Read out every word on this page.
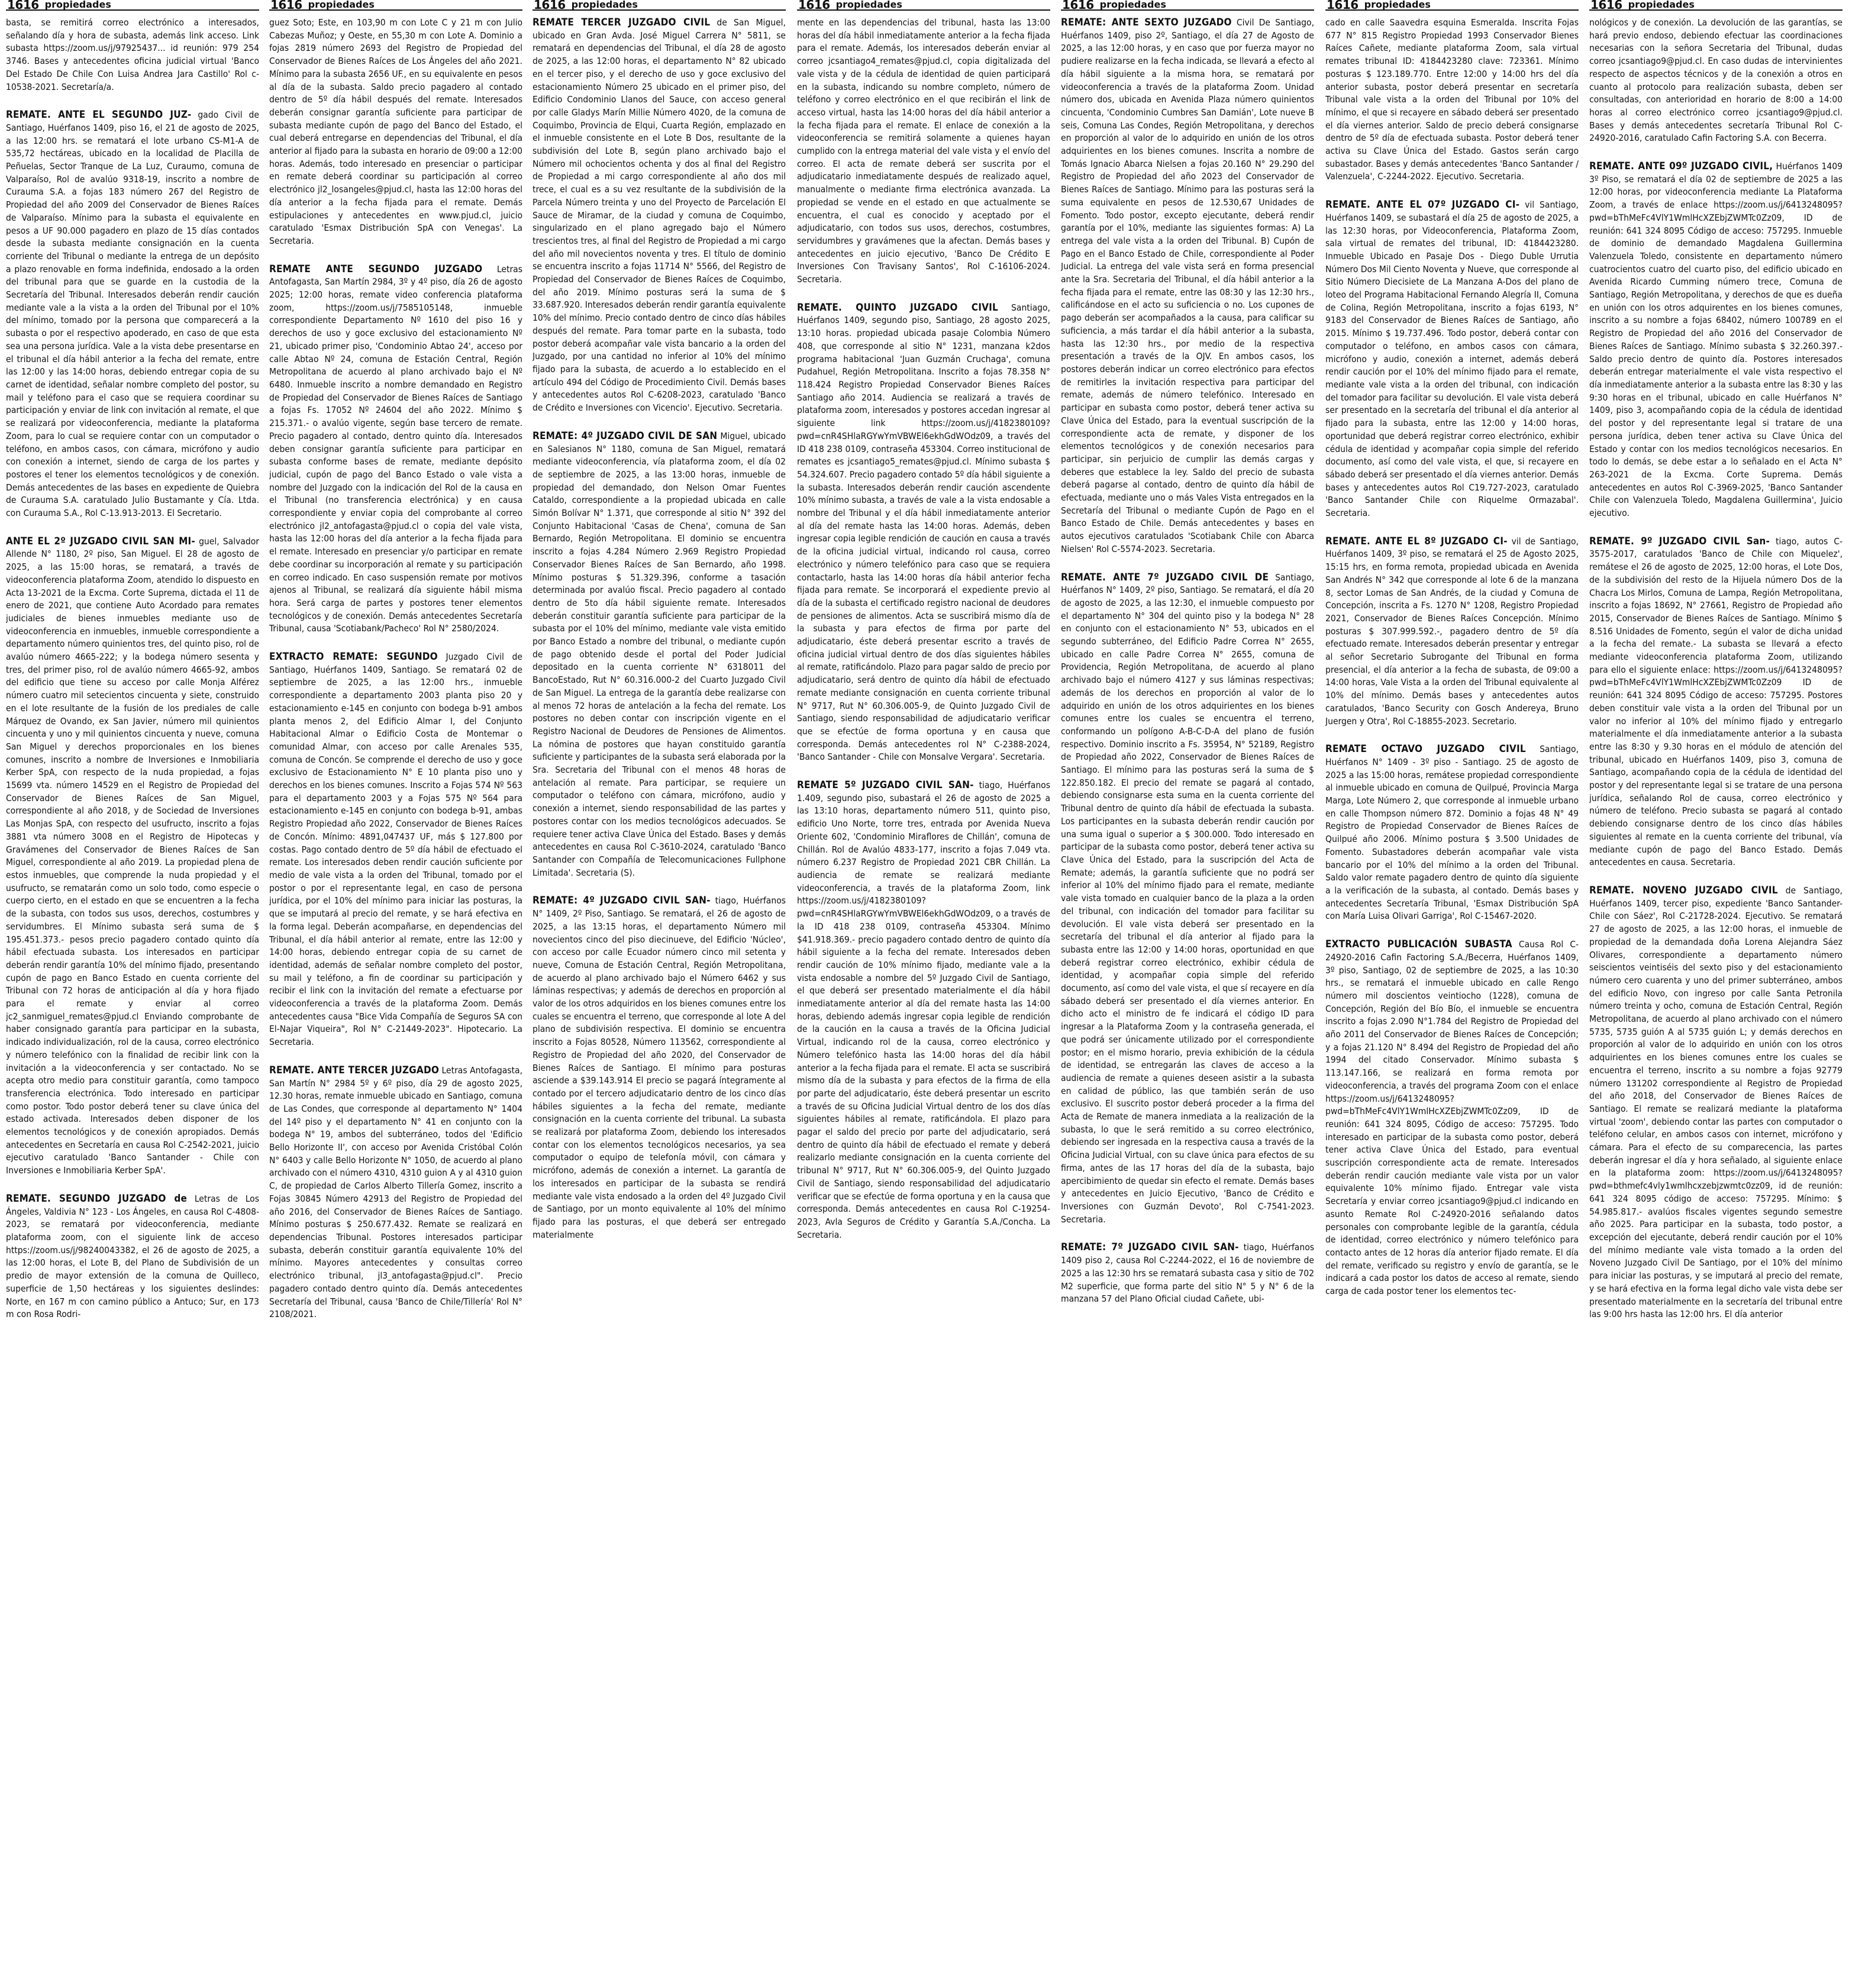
1616 propiedades

basta, se remitirá correo electrónico a interesados, señalando día y hora de subasta, además link acceso. Link subasta https://zoom.us/j/97925437... id reunión: 979 254 3746. Bases y antecedentes oficina judicial virtual 'Banco Del Estado De Chile Con Luisa Andrea Jara Castillo' Rol c-10538-2021. Secretaría/a.

REMATE. ANTE EL SEGUNDO JUZ- gado Civil de Santiago, Huérfanos 1409, piso 16, el 21 de agosto de 2025, a las 12:00 hrs. se rematará el lote urbano CS-M1-A de 535,72 hectáreas, ubicado en la localidad de Placilla de Peñuelas, Sector Tranque de La Luz, Curaumo, comuna de Valparaíso, Rol de avalúo 9318-19, inscrito a nombre de Curauma S.A. a fojas 183 número 267 del Registro de Propiedad del año 2009 del Conservador de Bienes Raíces de Valparaíso. Mínimo para la subasta el equivalente en pesos a UF 90.000 pagadero en plazo de 15 días contados desde la subasta mediante consignación en la cuenta corriente del Tribunal o mediante la entrega de un depósito a plazo renovable en forma indefinida, endosado a la orden del tribunal para que se guarde en la custodia de la Secretaría del Tribunal. Interesados deberán rendir caución mediante vale a la vista a la orden del Tribunal por el 10% del mínimo, tomado por la persona que comparecerá a la subasta o por el respectivo apoderado, en caso de que esta sea una persona jurídica. Vale a la vista debe presentarse en el tribunal el día hábil anterior a la fecha del remate, entre las 12:00 y las 14:00 horas, debiendo entregar copia de su carnet de identidad, señalar nombre completo del postor, su mail y teléfono para el caso que se requiera coordinar su participación y enviar de link con invitación al remate, el que se realizará por videoconferencia, mediante la plataforma Zoom, para lo cual se requiere contar con un computador o teléfono, en ambos casos, con cámara, micrófono y audio con conexión a internet, siendo de carga de los partes y postores el tener los elementos tecnológicos y de conexión. Demás antecedentes de las bases en expediente de Quiebra de Curauma S.A. caratulado Julio Bustamante y Cía. Ltda. con Curauma S.A., Rol C-13.913-2013. El Secretario.

ANTE EL 2º JUZGADO CIVIL SAN MI- guel, Salvador Allende N° 1180, 2º piso, San Miguel. El 28 de agosto de 2025, a las 15:00 horas, se rematará, a través de videoconferencia plataforma Zoom, atendido lo dispuesto en Acta 13-2021 de la Excma. Corte Suprema, dictada el 11 de enero de 2021, que contiene Auto Acordado para remates judiciales de bienes inmuebles mediante uso de videoconferencia en inmuebles, inmueble correspondiente a departamento número quinientos tres, del quinto piso, rol de avalúo número 4665-222; y la bodega número sesenta y tres, del primer piso, rol de avalúo número 4665-92, ambos del edificio que tiene su acceso por calle Monja Alférez número cuatro mil setecientos cincuenta y siete, construido en el lote resultante de la fusión de los prediales de calle Márquez de Ovando, ex San Javier, número mil quinientos cincuenta y uno y mil quinientos cincuenta y nueve, comuna San Miguel y derechos proporcionales en los bienes comunes, inscrito a nombre de Inversiones e Inmobiliaria Kerber SpA, con respecto de la nuda propiedad, a fojas 15699 vta. número 14529 en el Registro de Propiedad del Conservador de Bienes Raíces de San Miguel, correspondiente al año 2018, y de Sociedad de Inversiones Las Monjas SpA, con respecto del usufructo, inscrito a fojas 3881 vta número 3008 en el Registro de Hipotecas y Gravámenes del Conservador de Bienes Raíces de San Miguel, correspondiente al año 2019. La propiedad plena de estos inmuebles, que comprende la nuda propiedad y el usufructo, se rematarán como un solo todo, como especie o cuerpo cierto, en el estado en que se encuentren a la fecha de la subasta, con todos sus usos, derechos, costumbres y servidumbres. El Mínimo subasta será suma de $ 195.451.373.- pesos precio pagadero contado quinto día hábil efectuada subasta. Los interesados en participar deberán rendir garantía 10% del mínimo fijado, presentando cupón de pago en Banco Estado en cuenta corriente del Tribunal con 72 horas de anticipación al día y hora fijado para el remate y enviar al correo jc2_sanmiguel_remates@pjud.cl Enviando comprobante de haber consignado garantía para participar en la subasta, indicado individualización, rol de la causa, correo electrónico y número telefónico con la finalidad de recibir link con la invitación a la videoconferencia y ser contactado. No se acepta otro medio para constituir garantía, como tampoco transferencia electrónica. Todo interesado en participar como postor. Todo postor deberá tener su clave única del estado activada. Interesados deben disponer de los elementos tecnológicos y de conexión apropiados. Demás antecedentes en Secretaría en causa Rol C-2542-2021, juicio ejecutivo caratulado 'Banco Santander - Chile con Inversiones e Inmobiliaria Kerber SpA'.

REMATE. SEGUNDO JUZGADO de Letras de Los Ángeles, Valdivia N° 123 - Los Ángeles, en causa Rol C-4808-2023, se rematará por videoconferencia, mediante plataforma zoom, con el siguiente link de acceso https://zoom.us/j/98240043382, el 26 de agosto de 2025, a las 12:00 horas, el Lote B, del Plano de Subdivisión de un predio de mayor extensión de la comuna de Quilleco, superficie de 1,50 hectáreas y los siguientes deslindes: Norte, en 167 m con camino público a Antuco; Sur, en 173 m con Rosa Rodri-

1616 propiedades

guez Soto; Este, en 103,90 m con Lote C y 21 m con Julio Cabezas Muñoz; y Oeste, en 55,30 m con Lote A. Dominio a fojas 2819 número 2693 del Registro de Propiedad del Conservador de Bienes Raíces de Los Ángeles del año 2021. Mínimo para la subasta 2656 UF., en su equivalente en pesos al día de la subasta. Saldo precio pagadero al contado dentro de 5º día hábil después del remate. Interesados deberán consignar garantía suficiente para participar de subasta mediante cupón de pago del Banco del Estado, el cual deberá entregarse en dependencias del Tribunal, el día anterior al fijado para la subasta en horario de 09:00 a 12:00 horas. Además, todo interesado en presenciar o participar en remate deberá coordinar su participación al correo electrónico jl2_losangeles@pjud.cl, hasta las 12:00 horas del día anterior a la fecha fijada para el remate. Demás estipulaciones y antecedentes en www.pjud.cl, juicio caratulado 'Esmax Distribución SpA con Venegas'. La Secretaria.

REMATE ANTE SEGUNDO JUZGADO Letras Antofagasta, San Martín 2984, 3º y 4º piso, día 26 de agosto 2025; 12:00 horas, remate video conferencia plataforma zoom, https://zoom.us/j/7585105148, inmueble correspondiente Departamento Nº 1610 del piso 16 y derechos de uso y goce exclusivo del estacionamiento Nº 21, ubicado primer piso, 'Condominio Abtao 24', acceso por calle Abtao Nº 24, comuna de Estación Central, Región Metropolitana de acuerdo al plano archivado bajo el Nº 6480. Inmueble inscrito a nombre demandado en Registro de Propiedad del Conservador de Bienes Raíces de Santiago a fojas Fs. 17052 Nº 24604 del año 2022. Mínimo $ 215.371.- o avalúo vigente, según base tercero de remate. Precio pagadero al contado, dentro quinto día. Interesados deben consignar garantía suficiente para participar en subasta conforme bases de remate, mediante depósito judicial, cupón de pago del Banco Estado o vale vista a nombre del Juzgado con la indicación del Rol de la causa en el Tribunal (no transferencia electrónica) y en causa correspondiente y enviar copia del comprobante al correo electrónico jl2_antofagasta@pjud.cl o copia del vale vista, hasta las 12:00 horas del día anterior a la fecha fijada para el remate. Interesado en presenciar y/o participar en remate debe coordinar su incorporación al remate y su participación en correo indicado. En caso suspensión remate por motivos ajenos al Tribunal, se realizará día siguiente hábil misma hora. Será carga de partes y postores tener elementos tecnológicos y de conexión. Demás antecedentes Secretaría Tribunal, causa 'Scotiabank/Pacheco' Rol N° 2580/2024.

EXTRACTO REMATE: SEGUNDO Juzgado Civil de Santiago, Huérfanos 1409, Santiago. Se rematará 02 de septiembre de 2025, a las 12:00 hrs., inmueble correspondiente a departamento 2003 planta piso 20 y estacionamiento e-145 en conjunto con bodega b-91 ambos planta menos 2, del Edificio Almar I, del Conjunto Habitacional Almar o Edificio Costa de Montemar o comunidad Almar, con acceso por calle Arenales 535, comuna de Concón. Se comprende el derecho de uso y goce exclusivo de Estacionamiento N° E 10 planta piso uno y derechos en los bienes comunes. Inscrito a Fojas 574 Nº 563 para el departamento 2003 y a Fojas 575 Nº 564 para estacionamiento e-145 en conjunto con bodega b-91, ambas Registro Propiedad año 2022, Conservador de Bienes Raíces de Concón. Mínimo: 4891,047437 UF, más $ 127.800 por costas. Pago contado dentro de 5º día hábil de efectuado el remate. Los interesados deben rendir caución suficiente por medio de vale vista a la orden del Tribunal, tomado por el postor o por el representante legal, en caso de persona jurídica, por el 10% del mínimo para iniciar las posturas, la que se imputará al precio del remate, y se hará efectiva en la forma legal. Deberán acompañarse, en dependencias del Tribunal, el día hábil anterior al remate, entre las 12:00 y 14:00 horas, debiendo entregar copia de su carnet de identidad, además de señalar nombre completo del postor, su mail y teléfono, a fin de coordinar su participación y recibir el link con la invitación del remate a efectuarse por videoconferencia a través de la plataforma Zoom. Demás antecedentes causa "Bice Vida Compañía de Seguros SA con El-Najar Viqueira", Rol N° C-21449-2023". Hipotecario. La Secretaria.

REMATE. ANTE TERCER JUZGADO Letras Antofagasta, San Martín N° 2984 5º y 6º piso, día 29 de agosto 2025, 12.30 horas, remate inmueble ubicado en Santiago, comuna de Las Condes, que corresponde al departamento N° 1404 del 14º piso y el departamento N° 41 en conjunto con la bodega N° 19, ambos del subterráneo, todos del 'Edificio Bello Horizonte II', con acceso por Avenida Cristóbal Colón N° 6403 y calle Bello Horizonte N° 1050, de acuerdo al plano archivado con el número 4310, 4310 guion A y al 4310 guion C, de propiedad de Carlos Alberto Tillería Gomez, inscrito a Fojas 30845 Número 42913 del Registro de Propiedad del año 2016, del Conservador de Bienes Raíces de Santiago. Mínimo posturas $ 250.677.432. Remate se realizará en dependencias Tribunal. Postores interesados participar subasta, deberán constituir garantía equivalente 10% del mínimo. Mayores antecedentes y consultas correo electrónico tribunal, jl3_antofagasta@pjud.cl". Precio pagadero contado dentro quinto día. Demás antecedentes Secretaría del Tribunal, causa 'Banco de Chile/Tillería' Rol N° 2108/2021.

1616 propiedades

REMATE TERCER JUZGADO CIVIL de San Miguel, ubicado en Gran Avda. José Miguel Carrera N° 5811, se rematará en dependencias del Tribunal, el día 28 de agosto de 2025, a las 12:00 horas, el departamento N° 82 ubicado en el tercer piso, y el derecho de uso y goce exclusivo del estacionamiento Número 25 ubicado en el primer piso, del Edificio Condominio Llanos del Sauce, con acceso general por calle Gladys Marín Millie Número 4020, de la comuna de Coquimbo, Provincia de Elqui, Cuarta Región, emplazado en el inmueble consistente en el Lote B Dos, resultante de la subdivisión del Lote B, según plano archivado bajo el Número mil ochocientos ochenta y dos al final del Registro de Propiedad a mi cargo correspondiente al año dos mil trece, el cual es a su vez resultante de la subdivisión de la Parcela Número treinta y uno del Proyecto de Parcelación El Sauce de Miramar, de la ciudad y comuna de Coquimbo, singularizado en el plano agregado bajo el Número trescientos tres, al final del Registro de Propiedad a mi cargo del año mil novecientos noventa y tres. El título de dominio se encuentra inscrito a fojas 11714 N° 5566, del Registro de Propiedad del Conservador de Bienes Raíces de Coquimbo, del año 2019. Mínimo posturas será la suma de $ 33.687.920. Interesados deberán rendir garantía equivalente 10% del mínimo. Precio contado dentro de cinco días hábiles después del remate. Para tomar parte en la subasta, todo postor deberá acompañar vale vista bancario a la orden del Juzgado, por una cantidad no inferior al 10% del mínimo fijado para la subasta, de acuerdo a lo establecido en el artículo 494 del Código de Procedimiento Civil. Demás bases y antecedentes autos Rol C-6208-2023, caratulado 'Banco de Crédito e Inversiones con Vicencio'. Ejecutivo. Secretaria.

REMATE: 4º JUZGADO CIVIL DE SAN Miguel, ubicado en Salesianos N° 1180, comuna de San Miguel, rematará mediante videoconferencia, vía plataforma zoom, el día 02 de septiembre de 2025, a las 13:00 horas, inmueble de propiedad del demandado, don Nelson Omar Fuentes Cataldo, correspondiente a la propiedad ubicada en calle Simón Bolívar N° 1.371, que corresponde al sitio N° 392 del Conjunto Habitacional 'Casas de Chena', comuna de San Bernardo, Región Metropolitana. El dominio se encuentra inscrito a fojas 4.284 Número 2.969 Registro Propiedad Conservador Bienes Raíces de San Bernardo, año 1998. Mínimo posturas $ 51.329.396, conforme a tasación determinada por avalúo fiscal. Precio pagadero al contado dentro de 5to día hábil siguiente remate. Interesados deberán constituir garantía suficiente para participar de la subasta por el 10% del mínimo, mediante vale vista emitido por Banco Estado a nombre del tribunal, o mediante cupón de pago obtenido desde el portal del Poder Judicial depositado en la cuenta corriente N° 6318011 del BancoEstado, Rut N° 60.316.000-2 del Cuarto Juzgado Civil de San Miguel. La entrega de la garantía debe realizarse con al menos 72 horas de antelación a la fecha del remate. Los postores no deben contar con inscripción vigente en el Registro Nacional de Deudores de Pensiones de Alimentos. La nómina de postores que hayan constituido garantía suficiente y participantes de la subasta será elaborada por la Sra. Secretaria del Tribunal con el menos 48 horas de antelación al remate. Para participar, se requiere un computador o teléfono con cámara, micrófono, audio y conexión a internet, siendo responsabilidad de las partes y postores contar con los medios tecnológicos adecuados. Se requiere tener activa Clave Única del Estado. Bases y demás antecedentes en causa Rol C-3610-2024, caratulado 'Banco Santander con Compañía de Telecomunicaciones Fullphone Limitada'. Secretaria (S).

REMATE: 4º JUZGADO CIVIL SAN- tiago, Huérfanos N° 1409, 2º Piso, Santiago. Se rematará, el 26 de agosto de 2025, a las 13:15 horas, el departamento Número mil novecientos cinco del piso diecinueve, del Edificio 'Núcleo', con acceso por calle Ecuador número cinco mil setenta y nueve, Comuna de Estación Central, Región Metropolitana, de acuerdo al plano archivado bajo el Número 6462 y sus láminas respectivas; y además de derechos en proporción al valor de los otros adquiridos en los bienes comunes entre los cuales se encuentra el terreno, que corresponde al lote A del plano de subdivisión respectiva. El dominio se encuentra inscrito a Fojas 80528, Número 113562, correspondiente al Registro de Propiedad del año 2020, del Conservador de Bienes Raíces de Santiago. El mínimo para posturas asciende a $39.143.914 El precio se pagará íntegramente al contado por el tercero adjudicatario dentro de los cinco días hábiles siguientes a la fecha del remate, mediante consignación en la cuenta corriente del tribunal. La subasta se realizará por plataforma Zoom, debiendo los interesados contar con los elementos tecnológicos necesarios, ya sea computador o equipo de telefonía móvil, con cámara y micrófono, además de conexión a internet. La garantía de los interesados en participar de la subasta se rendirá mediante vale vista endosado a la orden del 4º Juzgado Civil de Santiago, por un monto equivalente al 10% del mínimo fijado para las posturas, el que deberá ser entregado materialmente

1616 propiedades

mente en las dependencias del tribunal, hasta las 13:00 horas del día hábil inmediatamente anterior a la fecha fijada para el remate. Además, los interesados deberán enviar al correo jcsantiago4_remates@pjud.cl, copia digitalizada del vale vista y de la cédula de identidad de quien participará en la subasta, indicando su nombre completo, número de teléfono y correo electrónico en el que recibirán el link de acceso virtual, hasta las 14:00 horas del día hábil anterior a la fecha fijada para el remate. El enlace de conexión a la videoconferencia se remitirá solamente a quienes hayan cumplido con la entrega material del vale vista y el envío del correo. El acta de remate deberá ser suscrita por el adjudicatario inmediatamente después de realizado aquel, manualmente o mediante firma electrónica avanzada. La propiedad se vende en el estado en que actualmente se encuentra, el cual es conocido y aceptado por el adjudicatario, con todos sus usos, derechos, costumbres, servidumbres y gravámenes que la afectan. Demás bases y antecedentes en juicio ejecutivo, 'Banco De Crédito E Inversiones Con Travisany Santos', Rol C-16106-2024. Secretaria.

REMATE. QUINTO JUZGADO CIVIL Santiago, Huérfanos 1409, segundo piso, Santiago, 28 agosto 2025, 13:10 horas. propiedad ubicada pasaje Colombia Número 408, que corresponde al sitio N° 1231, manzana k2dos programa habitacional 'Juan Guzmán Cruchaga', comuna Pudahuel, Región Metropolitana. Inscrito a fojas 78.358 N° 118.424 Registro Propiedad Conservador Bienes Raíces Santiago año 2014. Audiencia se realizará a través de plataforma zoom, interesados y postores accedan ingresar al siguiente link https://zoom.us/j/4182380109?pwd=cnR4SHlaRGYwYmVBWEl6ekhGdWOdz09, a través del ID 418 238 0109, contraseña 453304. Correo institucional de remates es jcsantiago5_remates@pjud.cl. Mínimo subasta $ 54.324.607. Precio pagadero contado 5º día hábil siguiente a la subasta. Interesados deberán rendir caución ascendente 10% mínimo subasta, a través de vale a la vista endosable a nombre del Tribunal y el día hábil inmediatamente anterior al día del remate hasta las 14:00 horas. Además, deben ingresar copia legible rendición de caución en causa a través de la oficina judicial virtual, indicando rol causa, correo electrónico y número telefónico para caso que se requiera contactarlo, hasta las 14:00 horas día hábil anterior fecha fijada para remate. Se incorporará el expediente previo al día de la subasta el certificado registro nacional de deudores de pensiones de alimentos. Acta se suscribirá mismo día de la subasta y para efectos de firma por parte del adjudicatario, éste deberá presentar escrito a través de oficina judicial virtual dentro de dos días siguientes hábiles al remate, ratificándolo. Plazo para pagar saldo de precio por adjudicatario, será dentro de quinto día hábil de efectuado remate mediante consignación en cuenta corriente tribunal N° 9717, Rut N° 60.306.005-9, de Quinto Juzgado Civil de Santiago, siendo responsabilidad de adjudicatario verificar que se efectúe de forma oportuna y en causa que corresponda. Demás antecedentes rol N° C-2388-2024, 'Banco Santander - Chile con Monsalve Vergara'. Secretaria.

REMATE 5º JUZGADO CIVIL SAN- tiago, Huérfanos 1.409, segundo piso, subastará el 26 de agosto de 2025 a las 13:10 horas, departamento número 511, quinto piso, edificio Uno Norte, torre tres, entrada por Avenida Nueva Oriente 602, 'Condominio Miraflores de Chillán', comuna de Chillán. Rol de Avalúo 4833-177, inscrito a fojas 7.049 vta. número 6.237 Registro de Propiedad 2021 CBR Chillán. La audiencia de remate se realizará mediante videoconferencia, a través de la plataforma Zoom, link https://zoom.us/j/4182380109?pwd=cnR4SHlaRGYwYmVBWEl6ekhGdWOdz09, o a través de la ID 418 238 0109, contraseña 453304. Mínimo $41.918.369.- precio pagadero contado dentro de quinto día hábil siguiente a la fecha del remate. Interesados deben rendir caución de 10% mínimo fijado, mediante vale a la vista endosable a nombre del 5º Juzgado Civil de Santiago, el que deberá ser presentado materialmente el día hábil inmediatamente anterior al día del remate hasta las 14:00 horas, debiendo además ingresar copia legible de rendición de la caución en la causa a través de la Oficina Judicial Virtual, indicando rol de la causa, correo electrónico y Número telefónico hasta las 14:00 horas del día hábil anterior a la fecha fijada para el remate. El acta se suscribirá mismo día de la subasta y para efectos de la firma de ella por parte del adjudicatario, éste deberá presentar un escrito a través de su Oficina Judicial Virtual dentro de los dos días siguientes hábiles al remate, ratificándola. El plazo para pagar el saldo del precio por parte del adjudicatario, será dentro de quinto día hábil de efectuado el remate y deberá realizarlo mediante consignación en la cuenta corriente del tribunal N° 9717, Rut N° 60.306.005-9, del Quinto Juzgado Civil de Santiago, siendo responsabilidad del adjudicatario verificar que se efectúe de forma oportuna y en la causa que corresponda. Demás antecedentes en causa Rol C-19254-2023, Avla Seguros de Crédito y Garantía S.A./Concha. La Secretaria.

1616 propiedades

REMATE: ANTE SEXTO JUZGADO Civil De Santiago, Huérfanos 1409, piso 2º, Santiago, el día 27 de Agosto de 2025, a las 12:00 horas, y en caso que por fuerza mayor no pudiere realizarse en la fecha indicada, se llevará a efecto al día hábil siguiente a la misma hora, se rematará por videoconferencia a través de la plataforma Zoom. Unidad número dos, ubicada en Avenida Plaza número quinientos cincuenta, 'Condominio Cumbres San Damián', Lote nueve B seis, Comuna Las Condes, Región Metropolitana, y derechos en proporción al valor de lo adquirido en unión de los otros adquirientes en los bienes comunes. Inscrita a nombre de Tomás Ignacio Abarca Nielsen a fojas 20.160 N° 29.290 del Registro de Propiedad del año 2023 del Conservador de Bienes Raíces de Santiago. Mínimo para las posturas será la suma equivalente en pesos de 12.530,67 Unidades de Fomento. Todo postor, excepto ejecutante, deberá rendir garantía por el 10%, mediante las siguientes formas: A) La entrega del vale vista a la orden del Tribunal. B) Cupón de Pago en el Banco Estado de Chile, correspondiente al Poder Judicial. La entrega del vale vista será en forma presencial ante la Sra. Secretaria del Tribunal, el día hábil anterior a la fecha fijada para el remate, entre las 08:30 y las 12:30 hrs., calificándose en el acto su suficiencia o no. Los cupones de pago deberán ser acompañados a la causa, para calificar su suficiencia, a más tardar el día hábil anterior a la subasta, hasta las 12:30 hrs., por medio de la respectiva presentación a través de la OJV. En ambos casos, los postores deberán indicar un correo electrónico para efectos de remitirles la invitación respectiva para participar del remate, además de número telefónico. Interesado en participar en subasta como postor, deberá tener activa su Clave Única del Estado, para la eventual suscripción de la correspondiente acta de remate, y disponer de los elementos tecnológicos y de conexión necesarios para participar, sin perjuicio de cumplir las demás cargas y deberes que establece la ley. Saldo del precio de subasta deberá pagarse al contado, dentro de quinto día hábil de efectuada, mediante uno o más Vales Vista entregados en la Secretaría del Tribunal o mediante Cupón de Pago en el Banco Estado de Chile. Demás antecedentes y bases en autos ejecutivos caratulados 'Scotiabank Chile con Abarca Nielsen' Rol C-5574-2023. Secretaria.

REMATE. ANTE 7º JUZGADO CIVIL DE Santiago, Huérfanos N° 1409, 2º piso, Santiago. Se rematará, el día 20 de agosto de 2025, a las 12:30, el inmueble compuesto por el departamento N° 304 del quinto piso y la bodega N° 28 en conjunto con el estacionamiento N° 53, ubicados en el segundo subterráneo, del Edificio Padre Correa N° 2655, ubicado en calle Padre Correa N° 2655, comuna de Providencia, Región Metropolitana, de acuerdo al plano archivado bajo el número 4127 y sus láminas respectivas; además de los derechos en proporción al valor de lo adquirido en unión de los otros adquirientes en los bienes comunes entre los cuales se encuentra el terreno, conformando un polígono A-B-C-D-A del plano de fusión respectivo. Dominio inscrito a Fs. 35954, N° 52189, Registro de Propiedad año 2022, Conservador de Bienes Raíces de Santiago. El mínimo para las posturas será la suma de $ 122.850.182. El precio del remate se pagará al contado, debiendo consignarse esta suma en la cuenta corriente del Tribunal dentro de quinto día hábil de efectuada la subasta. Los participantes en la subasta deberán rendir caución por una suma igual o superior a $ 300.000. Todo interesado en participar de la subasta como postor, deberá tener activa su Clave Única del Estado, para la suscripción del Acta de Remate; además, la garantía suficiente que no podrá ser inferior al 10% del mínimo fijado para el remate, mediante vale vista tomado en cualquier banco de la plaza a la orden del tribunal, con indicación del tomador para facilitar su devolución. El vale vista deberá ser presentado en la secretaría del tribunal el día anterior al fijado para la subasta entre las 12:00 y 14:00 horas, oportunidad en que deberá registrar correo electrónico, exhibir cédula de identidad, y acompañar copia simple del referido documento, así como del vale vista, el que sí recayere en día sábado deberá ser presentado el día viernes anterior. En dicho acto el ministro de fe indicará el código ID para ingresar a la Plataforma Zoom y la contraseña generada, el que podrá ser únicamente utilizado por el correspondiente postor; en el mismo horario, previa exhibición de la cédula de identidad, se entregarán las claves de acceso a la audiencia de remate a quienes deseen asistir a la subasta en calidad de público, las que también serán de uso exclusivo. El suscrito postor deberá proceder a la firma del Acta de Remate de manera inmediata a la realización de la subasta, lo que le será remitido a su correo electrónico, debiendo ser ingresada en la respectiva causa a través de la Oficina Judicial Virtual, con su clave única para efectos de su firma, antes de las 17 horas del día de la subasta, bajo apercibimiento de quedar sin efecto el remate. Demás bases y antecedentes en Juicio Ejecutivo, 'Banco de Crédito e Inversiones con Guzmán Devoto', Rol C-7541-2023. Secretaria.

REMATE: 7º JUZGADO CIVIL SAN- tiago, Huérfanos 1409 piso 2, causa Rol C-2244-2022, el 16 de noviembre de 2025 a las 12:30 hrs se rematará subasta casa y sitio de 702 M2 superficie, que forma parte del sitio N° 5 y N° 6 de la manzana 57 del Plano Oficial ciudad Cañete, ubi-

1616 propiedades

cado en calle Saavedra esquina Esmeralda. Inscrita Fojas 677 N° 815 Registro Propiedad 1993 Conservador Bienes Raíces Cañete, mediante plataforma Zoom, sala virtual remates tribunal ID: 4184423280 clave: 723361. Mínimo posturas $ 123.189.770. Entre 12:00 y 14:00 hrs del día anterior subasta, postor deberá presentar en secretaría Tribunal vale vista a la orden del Tribunal por 10% del mínimo, el que si recayere en sábado deberá ser presentado el día viernes anterior. Saldo de precio deberá consignarse dentro de 5º día de efectuada subasta. Postor deberá tener activa su Clave Única del Estado. Gastos serán cargo subastador. Bases y demás antecedentes 'Banco Santander / Valenzuela', C-2244-2022. Ejecutivo. Secretaria.

REMATE. ANTE EL 07º JUZGADO CI- vil Santiago, Huérfanos 1409, se subastará el día 25 de agosto de 2025, a las 12:30 horas, por Videoconferencia, Plataforma Zoom, sala virtual de remates del tribunal, ID: 4184423280. Inmueble Ubicado en Pasaje Dos - Diego Duble Urrutia Número Dos Mil Ciento Noventa y Nueve, que corresponde al Sitio Número Diecisiete de La Manzana A-Dos del plano de loteo del Programa Habitacional Fernando Alegría II, Comuna de Colina, Región Metropolitana, inscrito a fojas 6193, N° 9183 del Conservador de Bienes Raíces de Santiago, año 2015. Mínimo $ 19.737.496. Todo postor, deberá contar con computador o teléfono, en ambos casos con cámara, micrófono y audio, conexión a internet, además deberá rendir caución por el 10% del mínimo fijado para el remate, mediante vale vista a la orden del tribunal, con indicación del tomador para facilitar su devolución. El vale vista deberá ser presentado en la secretaría del tribunal el día anterior al fijado para la subasta, entre las 12:00 y 14:00 horas, oportunidad que deberá registrar correo electrónico, exhibir cédula de identidad y acompañar copia simple del referido documento, así como del vale vista, el que, si recayere en sábado deberá ser presentado el día viernes anterior. Demás bases y antecedentes autos Rol C19.727-2023, caratulado 'Banco Santander Chile con Riquelme Ormazabal'. Secretaria.

REMATE. ANTE EL 8º JUZGADO CI- vil de Santiago, Huérfanos 1409, 3º piso, se rematará el 25 de Agosto 2025, 15:15 hrs, en forma remota, propiedad ubicada en Avenida San Andrés N° 342 que corresponde al lote 6 de la manzana 8, sector Lomas de San Andrés, de la ciudad y Comuna de Concepción, inscrita a Fs. 1270 N° 1208, Registro Propiedad 2021, Conservador de Bienes Raíces Concepción. Mínimo posturas $ 307.999.592.-, pagadero dentro de 5º día efectuado remate. Interesados deberán presentar y entregar al señor Secretario Subrogante del Tribunal en forma presencial, el día anterior a la fecha de subasta, de 09:00 a 14:00 horas, Vale Vista a la orden del Tribunal equivalente al 10% del mínimo. Demás bases y antecedentes autos caratulados, 'Banco Security con Gosch Andereya, Bruno Juergen y Otra', Rol C-18855-2023. Secretario.

REMATE OCTAVO JUZGADO CIVIL Santiago, Huérfanos N° 1409 - 3º piso - Santiago. 25 de agosto de 2025 a las 15:00 horas, remátese propiedad correspondiente al inmueble ubicado en comuna de Quilpué, Provincia Marga Marga, Lote Número 2, que corresponde al inmueble urbano en calle Thompson número 872. Dominio a fojas 48 N° 49 Registro de Propiedad Conservador de Bienes Raíces de Quilpué año 2006. Mínimo postura $ 3.500 Unidades de Fomento. Subastadores deberán acompañar vale vista bancario por el 10% del mínimo a la orden del Tribunal. Saldo valor remate pagadero dentro de quinto día siguiente a la verificación de la subasta, al contado. Demás bases y antecedentes Secretaría Tribunal, 'Esmax Distribución SpA con María Luisa Olivari Garriga', Rol C-15467-2020.

EXTRACTO PUBLICACIÓN SUBASTA Causa Rol C-24920-2016 Cafin Factoring S.A./Becerra, Huérfanos 1409, 3º piso, Santiago, 02 de septiembre de 2025, a las 10:30 hrs., se rematará el inmueble ubicado en calle Rengo número mil doscientos veintiocho (1228), comuna de Concepción, Región del Bío Bío, el inmueble se encuentra inscrito a fojas 2.090 N°1.784 del Registro de Propiedad del año 2011 del Conservador de Bienes Raíces de Concepción; y a fojas 21.120 N° 8.494 del Registro de Propiedad del año 1994 del citado Conservador. Mínimo subasta $ 113.147.166, se realizará en forma remota por videoconferencia, a través del programa Zoom con el enlace https://zoom.us/j/6413248095?pwd=bThMeFc4VlY1WmlHcXZEbjZWMTc0Zz09, ID de reunión: 641 324 8095, Código de acceso: 757295. Todo interesado en participar de la subasta como postor, deberá tener activa Clave Única del Estado, para eventual suscripción correspondiente acta de remate. Interesados deberán rendir caución mediante vale vista por un valor equivalente 10% mínimo fijado. Entregar vale vista Secretaría y enviar correo jcsantiago9@pjud.cl indicando en asunto Remate Rol C-24920-2016 señalando datos personales con comprobante legible de la garantía, cédula de identidad, correo electrónico y número telefónico para contacto antes de 12 horas día anterior fijado remate. El día del remate, verificado su registro y envío de garantía, se le indicará a cada postor los datos de acceso al remate, siendo carga de cada postor tener los elementos tec-

1616 propiedades

nológicos y de conexión. La devolución de las garantías, se hará previo endoso, debiendo efectuar las coordinaciones necesarias con la señora Secretaria del Tribunal, dudas correo jcsantiago9@pjud.cl. En caso dudas de intervinientes respecto de aspectos técnicos y de la conexión a otros en cuanto al protocolo para realización subasta, deben ser consultadas, con anterioridad en horario de 8:00 a 14:00 horas al correo electrónico correo jcsantiago9@pjud.cl. Bases y demás antecedentes secretaría Tribunal Rol C-24920-2016, caratulado Cafin Factoring S.A. con Becerra.

REMATE. ANTE 09º JUZGADO CIVIL, Huérfanos 1409 3º Piso, se rematará el día 02 de septiembre de 2025 a las 12:00 horas, por videoconferencia mediante La Plataforma Zoom, a través de enlace https://zoom.us/j/6413248095?pwd=bThMeFc4VlY1WmlHcXZEbjZWMTc0Zz09, ID de reunión: 641 324 8095 Código de acceso: 757295. Inmueble de dominio de demandado Magdalena Guillermina Valenzuela Toledo, consistente en departamento número cuatrocientos cuatro del cuarto piso, del edificio ubicado en Avenida Ricardo Cumming número trece, Comuna de Santiago, Región Metropolitana, y derechos de que es dueña en unión con los otros adquirentes en los bienes comunes, inscrito a su nombre a fojas 68402, número 100789 en el Registro de Propiedad del año 2016 del Conservador de Bienes Raíces de Santiago. Mínimo subasta $ 32.260.397.- Saldo precio dentro de quinto día. Postores interesados deberán entregar materialmente el vale vista respectivo el día inmediatamente anterior a la subasta entre las 8:30 y las 9:30 horas en el tribunal, ubicado en calle Huérfanos N° 1409, piso 3, acompañando copia de la cédula de identidad del postor y del representante legal si tratare de una persona jurídica, deben tener activa su Clave Única del Estado y contar con los medios tecnológicos necesarios. En todo lo demás, se debe estar a lo señalado en el Acta N° 263-2021 de la Excma. Corte Suprema. Demás antecedentes en autos Rol C-3969-2025, 'Banco Santander Chile con Valenzuela Toledo, Magdalena Guillermina', Juicio ejecutivo.

REMATE. 9º JUZGADO CIVIL San- tiago, autos C-3575-2017, caratulados 'Banco de Chile con Miquelez', remátese el 26 de agosto de 2025, 12:00 horas, el Lote Dos, de la subdivisión del resto de la Hijuela número Dos de la Chacra Los Mirlos, Comuna de Lampa, Región Metropolitana, inscrito a fojas 18692, N° 27661, Registro de Propiedad año 2015, Conservador de Bienes Raíces de Santiago. Mínimo $ 8.516 Unidades de Fomento, según el valor de dicha unidad a la fecha del remate.- La subasta se llevará a efecto mediante videoconferencia plataforma Zoom, utilizando para ello el siguiente enlace: https://zoom.us/j/6413248095?pwd=bThMeFc4VlY1WmlHcXZEbjZWMTc0Zz09 ID de reunión: 641 324 8095 Código de acceso: 757295. Postores deben constituir vale vista a la orden del Tribunal por un valor no inferior al 10% del mínimo fijado y entregarlo materialmente el día inmediatamente anterior a la subasta entre las 8:30 y 9.30 horas en el módulo de atención del tribunal, ubicado en Huérfanos 1409, piso 3, comuna de Santiago, acompañando copia de la cédula de identidad del postor y del representante legal si se tratare de una persona jurídica, señalando Rol de causa, correo electrónico y número de teléfono. Precio subasta se pagará al contado debiendo consignarse dentro de los cinco días hábiles siguientes al remate en la cuenta corriente del tribunal, vía mediante cupón de pago del Banco Estado. Demás antecedentes en causa. Secretaria.

REMATE. NOVENO JUZGADO CIVIL de Santiago, Huérfanos 1409, tercer piso, expediente 'Banco Santander-Chile con Sáez', Rol C-21728-2024. Ejecutivo. Se rematará 27 de agosto de 2025, a las 12:00 horas, el inmueble de propiedad de la demandada doña Lorena Alejandra Sáez Olivares, correspondiente a departamento número seiscientos veintiséis del sexto piso y del estacionamiento número cero cuarenta y uno del primer subterráneo, ambos del edificio Novo, con ingreso por calle Santa Petronila número treinta y ocho, comuna de Estación Central, Región Metropolitana, de acuerdo al plano archivado con el número 5735, 5735 guión A al 5735 guión L; y demás derechos en proporción al valor de lo adquirido en unión con los otros adquirientes en los bienes comunes entre los cuales se encuentra el terreno, inscrito a su nombre a fojas 92779 número 131202 correspondiente al Registro de Propiedad del año 2018, del Conservador de Bienes Raíces de Santiago. El remate se realizará mediante la plataforma virtual 'zoom', debiendo contar las partes con computador o teléfono celular, en ambos casos con internet, micrófono y cámara. Para el efecto de su comparecencia, las partes deberán ingresar el día y hora señalado, al siguiente enlace en la plataforma zoom: https://zoom.us/j/6413248095?pwd=bthmefc4vly1wmlhcxzebjzwmtc0zz09, id de reunión: 641 324 8095 código de acceso: 757295. Mínimo: $ 54.985.817.- avalúos fiscales vigentes segundo semestre año 2025. Para participar en la subasta, todo postor, a excepción del ejecutante, deberá rendir caución por el 10% del mínimo mediante vale vista tomado a la orden del Noveno Juzgado Civil De Santiago, por el 10% del mínimo para iniciar las posturas, y se imputará al precio del remate, y se hará efectiva en la forma legal dicho vale vista debe ser presentado materialmente en la secretaría del tribunal entre las 9:00 hrs hasta las 12:00 hrs. El día anterior
